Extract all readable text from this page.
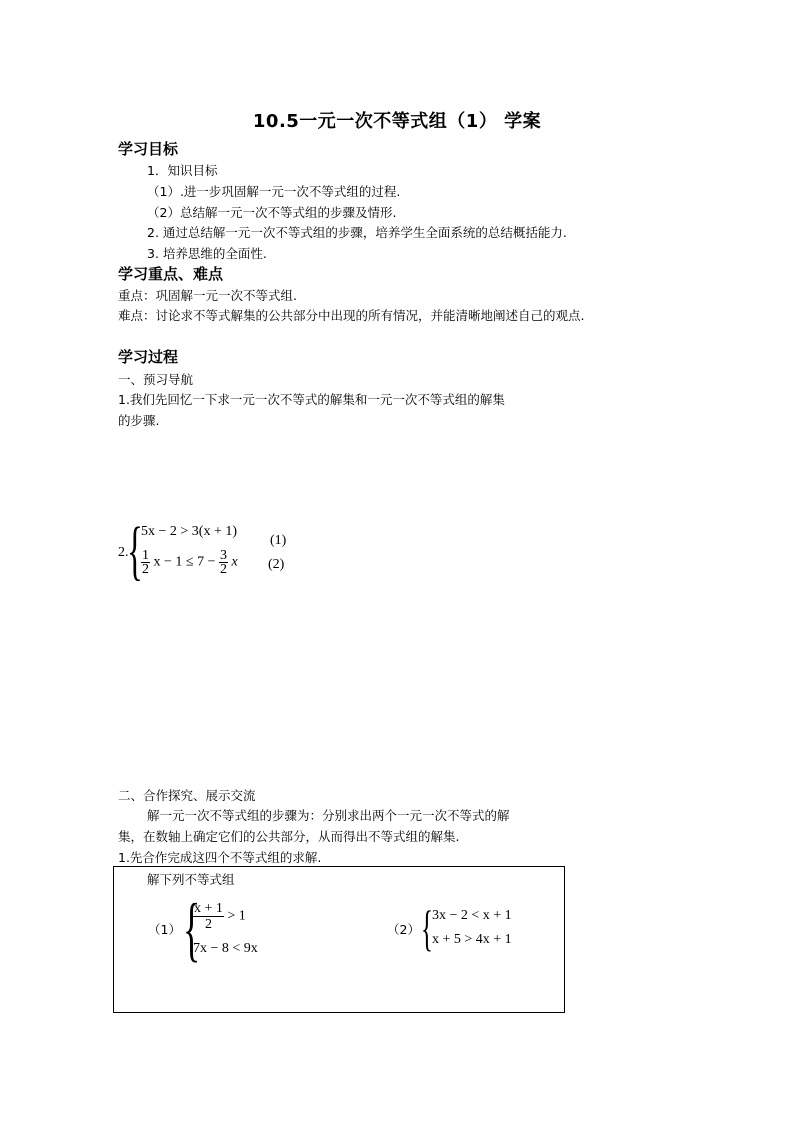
10.5一元一次不等式组（1） 学案
学习目标
1．知识目标
（1）.进一步巩固解一元一次不等式组的过程.
（2）总结解一元一次不等式组的步骤及情形.
2. 通过总结解一元一次不等式组的步骤，培养学生全面系统的总结概括能力.
3. 培养思维的全面性.
学习重点、难点
重点：巩固解一元一次不等式组.
难点：讨论求不等式解集的公共部分中出现的所有情况，并能清晰地阐述自己的观点.
学习过程
一、预习导航
1.我们先回忆一下求一元一次不等式的解集和一元一次不等式组的解集
的步骤.
2.
{
5x − 2 > 3(x + 1)
$\frac{1}{2}$ $x - 1 \le 7 - \frac{3}{2}$ x
(1)
(2)
二、合作探究、展示交流
解一元一次不等式组的步骤为：分别求出两个一元一次不等式的解
集，在数轴上确定它们的公共部分，从而得出不等式组的解集.
1.先合作完成这四个不等式组的求解.
解下列不等式组
（1） {
$\frac{x + 1}{2} > 1$
7x − 8 < 9x
（2） { 3x − 2 < x + 1
x + 5 > 4x + 1
